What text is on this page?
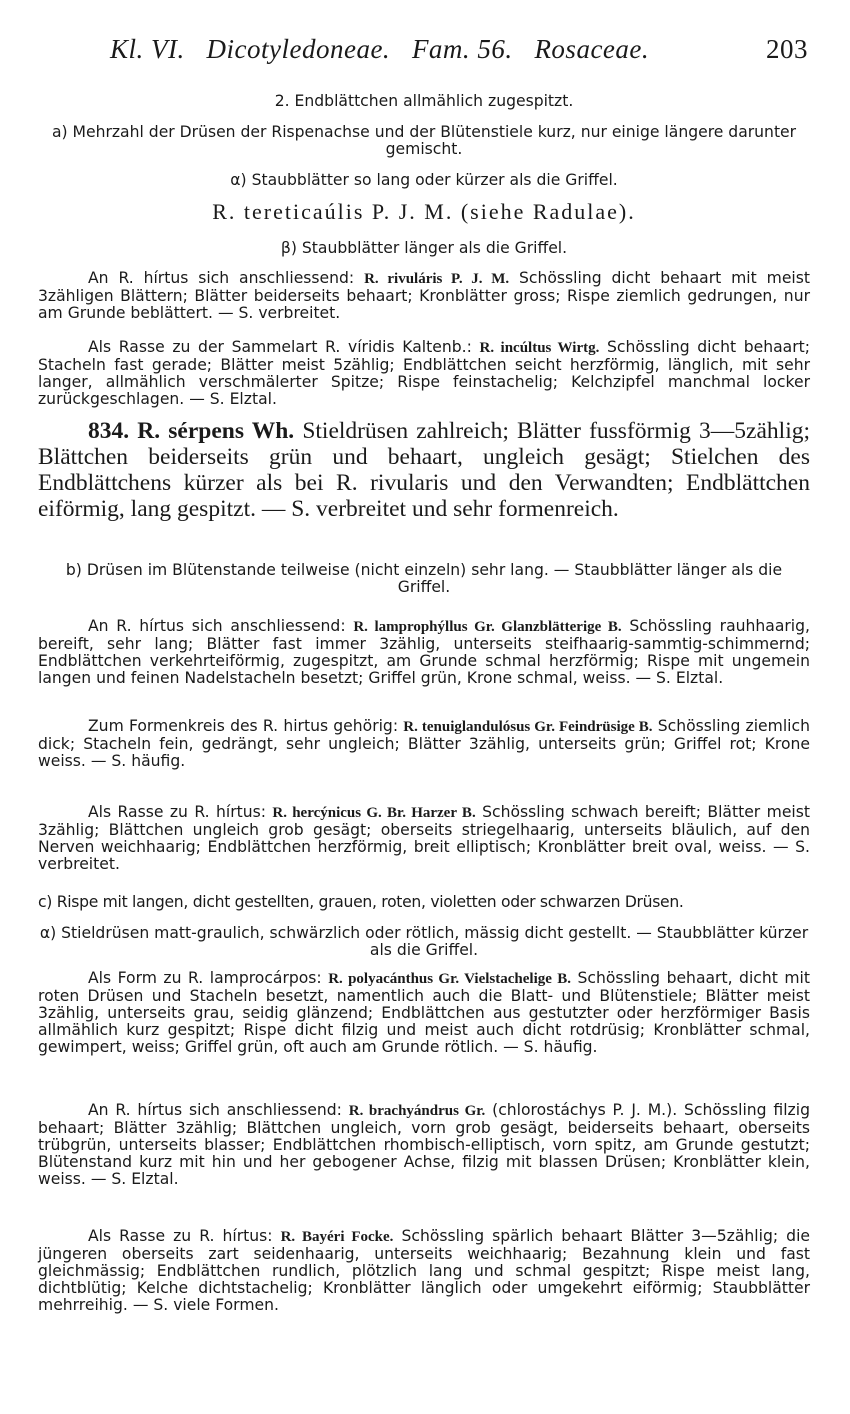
Kl. VI. Dicotyledoneae. Fam. 56. Rosaceae.	203
2. Endblättchen allmählich zugespitzt.
a) Mehrzahl der Drüsen der Rispenachse und der Blütenstiele kurz, nur einige längere darunter gemischt.
α) Staubblätter so lang oder kürzer als die Griffel.
R. tereticaúlis P. J. M. (siehe Radulae).
β) Staubblätter länger als die Griffel.
An R. hírtus sich anschliessend: R. rivuláris P. J. M. Schössling dicht behaart mit meist 3zähligen Blättern; Blätter beiderseits behaart; Kronblätter gross; Rispe ziemlich gedrungen, nur am Grunde beblättert. — S. verbreitet.
Als Rasse zu der Sammelart R. víridis Kaltenb.: R. incúltus Wirtg. Schössling dicht behaart; Stacheln fast gerade; Blätter meist 5zählig; Endblättchen seicht herzförmig, länglich, mit sehr langer, allmählich verschmälerter Spitze; Rispe feinstachelig; Kelchzipfel manchmal locker zurückgeschlagen. — S. Elztal.
834. R. sérpens Wh. Stieldrüsen zahlreich; Blätter fussförmig 3—5zählig; Blättchen beiderseits grün und behaart, ungleich gesägt; Stielchen des Endblättchens kürzer als bei R. rivularis und den Verwandten; Endblättchen eiförmig, lang gespitzt. — S. verbreitet und sehr formenreich.
b) Drüsen im Blütenstande teilweise (nicht einzeln) sehr lang. — Staubblätter länger als die Griffel.
An R. hírtus sich anschliessend: R. lamprophýllus Gr. Glanzblätterige B. Schössling rauhhaarig, bereift, sehr lang; Blätter fast immer 3zählig, unterseits steifhaarig-sammtig-schimmernd; Endblättchen verkehrteiförmig, zugespitzt, am Grunde schmal herzförmig; Rispe mit ungemein langen und feinen Nadelstacheln besetzt; Griffel grün, Krone schmal, weiss. — S. Elztal.
Zum Formenkreis des R. hirtus gehörig: R. tenuiglandulósus Gr. Feindrüsige B. Schössling ziemlich dick; Stacheln fein, gedrängt, sehr ungleich; Blätter 3zählig, unterseits grün; Griffel rot; Krone weiss. — S. häufig.
Als Rasse zu R. hírtus: R. hercýnicus G. Br. Harzer B. Schössling schwach bereift; Blätter meist 3zählig; Blättchen ungleich grob gesägt; oberseits striegelhaarig, unterseits bläulich, auf den Nerven weichhaarig; Endblättchen herzförmig, breit elliptisch; Kronblätter breit oval, weiss. — S. verbreitet.
c) Rispe mit langen, dicht gestellten, grauen, roten, violetten oder schwarzen Drüsen.
α) Stieldrüsen matt-graulich, schwärzlich oder rötlich, mässig dicht gestellt. — Staubblätter kürzer als die Griffel.
Als Form zu R. lamprocárpos: R. polyacánthus Gr. Vielstachelige B. Schössling behaart, dicht mit roten Drüsen und Stacheln besetzt, namentlich auch die Blatt- und Blütenstiele; Blätter meist 3zählig, unterseits grau, seidig glänzend; Endblättchen aus gestutzter oder herzförmiger Basis allmählich kurz gespitzt; Rispe dicht filzig und meist auch dicht rotdrüsig; Kronblätter schmal, gewimpert, weiss; Griffel grün, oft auch am Grunde rötlich. — S. häufig.
An R. hírtus sich anschliessend: R. brachyándrus Gr. (chlorostáchys P. J. M.). Schössling filzig behaart; Blätter 3zählig; Blättchen ungleich, vorn grob gesägt, beiderseits behaart, oberseits trübgrün, unterseits blasser; Endblättchen rhombisch-elliptisch, vorn spitz, am Grunde gestutzt; Blütenstand kurz mit hin und her gebogener Achse, filzig mit blassen Drüsen; Kronblätter klein, weiss. — S. Elztal.
Als Rasse zu R. hírtus: R. Bayéri Focke. Schössling spärlich behaart Blätter 3—5zählig; die jüngeren oberseits zart seidenhaarig, unterseits weichhaarig; Bezahnung klein und fast gleichmässig; Endblättchen rundlich, plötzlich lang und schmal gespitzt; Rispe meist lang, dichtblütig; Kelche dichtstachelig; Kronblätter länglich oder umgekehrt eiförmig; Staubblätter mehrreihig. — S. viele Formen.
